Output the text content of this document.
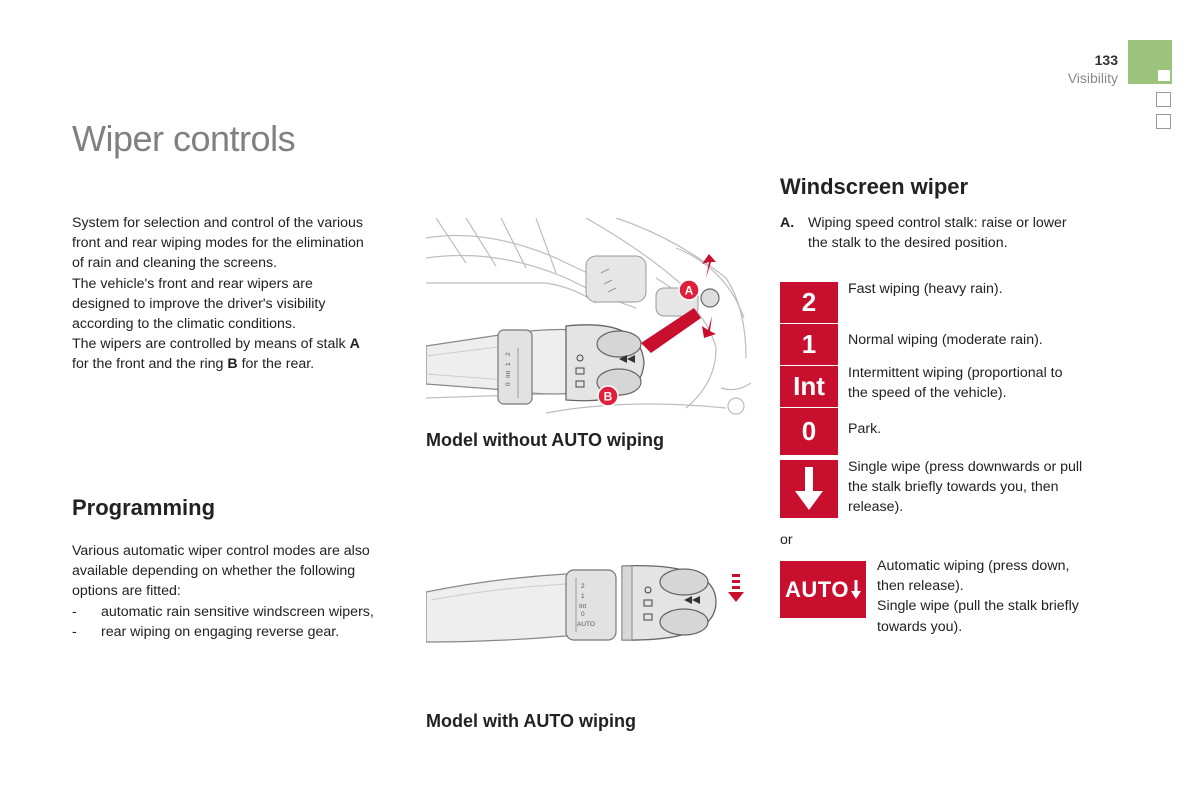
133
Visibility
Wiper controls
System for selection and control of the various
front and rear wiping modes for the elimination
of rain and cleaning the screens.
The vehicle's front and rear wipers are
designed to improve the driver's visibility
according to the climatic conditions.
The wipers are controlled by means of stalk A
for the front and the ring B for the rear.
Programming
Various automatic wiper control modes are also
available depending on whether the following
options are fitted:
- automatic rain sensitive windscreen wipers,
- rear wiping on engaging reverse gear.
2
1
Int
0
A
B
Model without AUTO wiping
2
1
Int
0
AUTO
Model with AUTO wiping
Windscreen wiper
A. Wiping speed control stalk: raise or lower
the stalk to the desired position.
2
1
Int
0
Fast wiping (heavy rain).
Normal wiping (moderate rain).
Intermittent wiping (proportional to
the speed of the vehicle).
Park.
Single wipe (press downwards or pull
the stalk briefly towards you, then
release).
or
AUTO
Automatic wiping (press down,
then release).
Single wipe (pull the stalk briefly
towards you).
